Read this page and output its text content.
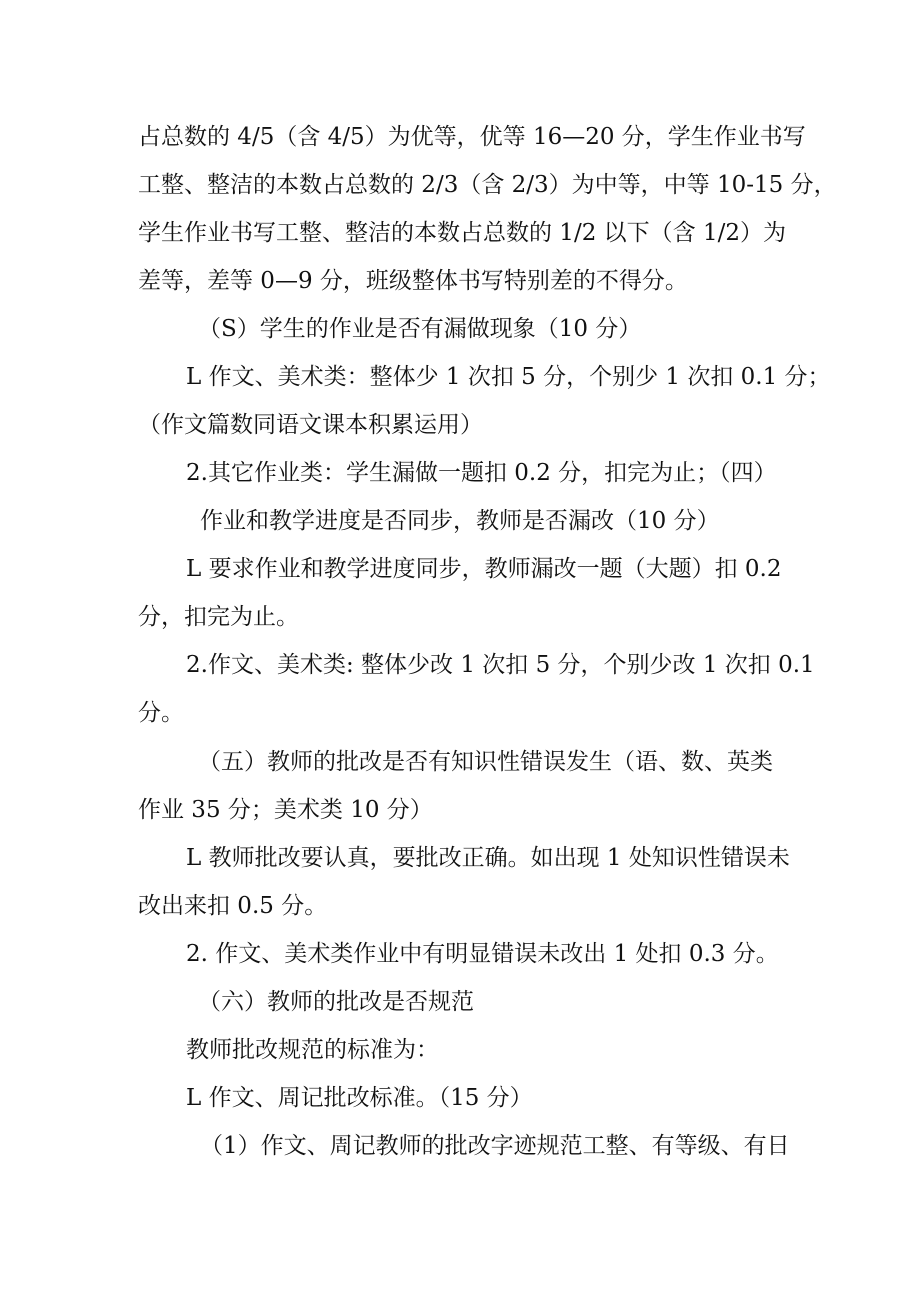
占总数的 4/5（含 4/5）为优等，优等 16—20 分，学生作业书写
工整、整洁的本数占总数的 2/3（含 2/3）为中等，中等 10-15 分，
学生作业书写工整、整洁的本数占总数的 1/2 以下（含 1/2）为
差等，差等 0—9 分，班级整体书写特别差的不得分。
（S）学生的作业是否有漏做现象（10 分）
L 作文、美术类：整体少 1 次扣 5 分，个别少 1 次扣 0.1 分；
（作文篇数同语文课本积累运用）
2.其它作业类：学生漏做一题扣 0.2 分，扣完为止；（四）
作业和教学进度是否同步，教师是否漏改（10 分）
L 要求作业和教学进度同步，教师漏改一题（大题）扣 0.2
分，扣完为止。
2.作文、美术类: 整体少改 1 次扣 5 分，个别少改 1 次扣 0.1
分。
（五）教师的批改是否有知识性错误发生（语、数、英类
作业 35 分；美术类 10 分）
L 教师批改要认真，要批改正确。如出现 1 处知识性错误未
改出来扣 0.5 分。
2. 作文、美术类作业中有明显错误未改出 1 处扣 0.3 分。
（六）教师的批改是否规范
教师批改规范的标准为：
L 作文、周记批改标准。（15 分）
（1）作文、周记教师的批改字迹规范工整、有等级、有日
